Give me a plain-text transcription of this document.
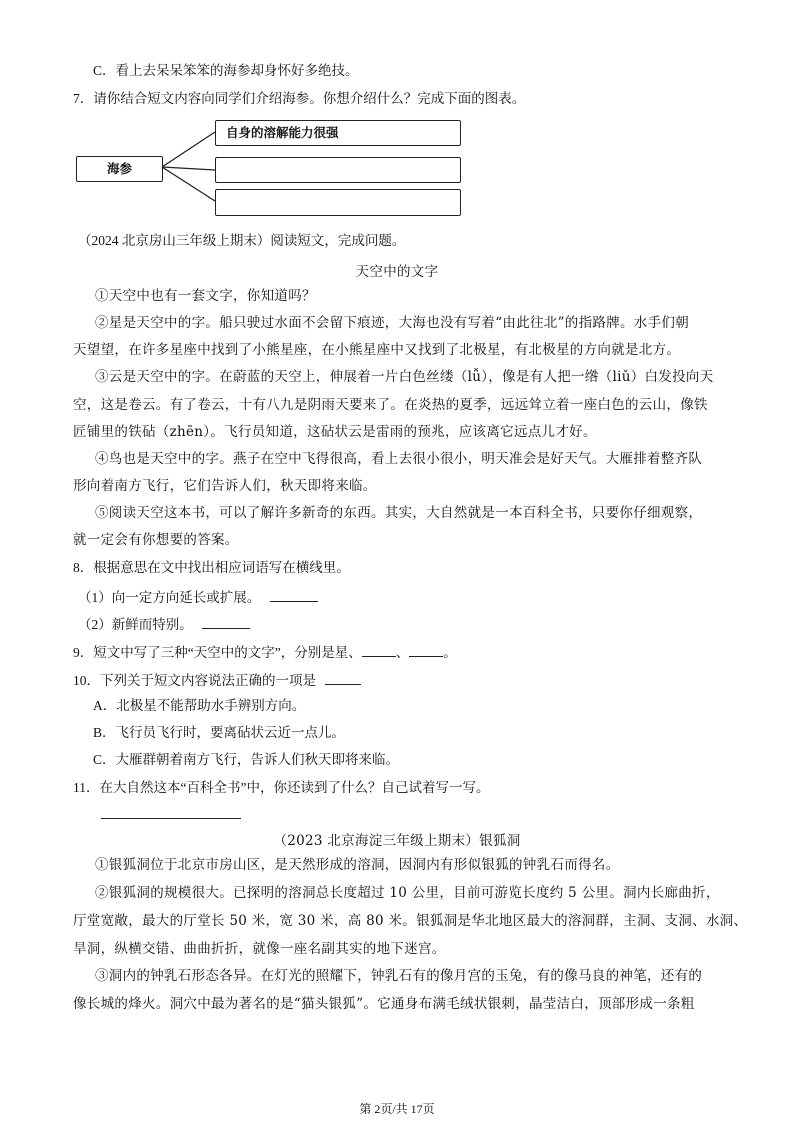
C．看上去呆呆笨笨的海参却身怀好多绝技。
7．请你结合短文内容向同学们介绍海参。你想介绍什么？完成下面的图表。
海参
自身的溶解能力很强
（2024 北京房山三年级上期末）阅读短文，完成问题。
天空中的文字
①天空中也有一套文字，你知道吗？
②星是天空中的字。船只驶过水面不会留下痕迹，大海也没有写着“由此往北”的指路牌。水手们朝
天望望，在许多星座中找到了小熊星座，在小熊星座中又找到了北极星，有北极星的方向就是北方。
③云是天空中的字。在蔚蓝的天空上，伸展着一片白色丝缕（lǚ），像是有人把一绺（liǔ）白发投向天
空，这是卷云。有了卷云，十有八九是阴雨天要来了。在炎热的夏季，远远耸立着一座白色的云山，像铁
匠铺里的铁砧（zhēn）。飞行员知道，这砧状云是雷雨的预兆，应该离它远点儿才好。
④鸟也是天空中的字。燕子在空中飞得很高，看上去很小很小，明天准会是好天气。大雁排着整齐队
形向着南方飞行，它们告诉人们，秋天即将来临。
⑤阅读天空这本书，可以了解许多新奇的东西。其实，大自然就是一本百科全书，只要你仔细观察，
就一定会有你想要的答案。
8．根据意思在文中找出相应词语写在横线里。
（1）向一定方向延长或扩展。
（2）新鲜而特别。
9．短文中写了三种“天空中的文字”，分别是星、	、	。
10．下列关于短文内容说法正确的一项是
A．北极星不能帮助水手辨别方向。
B．飞行员飞行时，要离砧状云近一点儿。
C．大雁群朝着南方飞行，告诉人们秋天即将来临。
11．在大自然这本“百科全书”中，你还读到了什么？自己试着写一写。
（2023 北京海淀三年级上期末）银狐洞
①银狐洞位于北京市房山区，是天然形成的溶洞，因洞内有形似银狐的钟乳石而得名。
②银狐洞的规模很大。已探明的溶洞总长度超过 10 公里，目前可游览长度约 5 公里。洞内长廊曲折，
厅堂宽敞，最大的厅堂长 50 米，宽 30 米，高 80 米。银狐洞是华北地区最大的溶洞群，主洞、支洞、水洞、
旱洞，纵横交错、曲曲折折，就像一座名副其实的地下迷宫。
③洞内的钟乳石形态各异。在灯光的照耀下，钟乳石有的像月宫的玉兔，有的像马良的神笔，还有的
像长城的烽火。洞穴中最为著名的是“猫头银狐”。它通身布满毛绒状银刺，晶莹洁白，顶部形成一条粗
第 2页/共 17页
